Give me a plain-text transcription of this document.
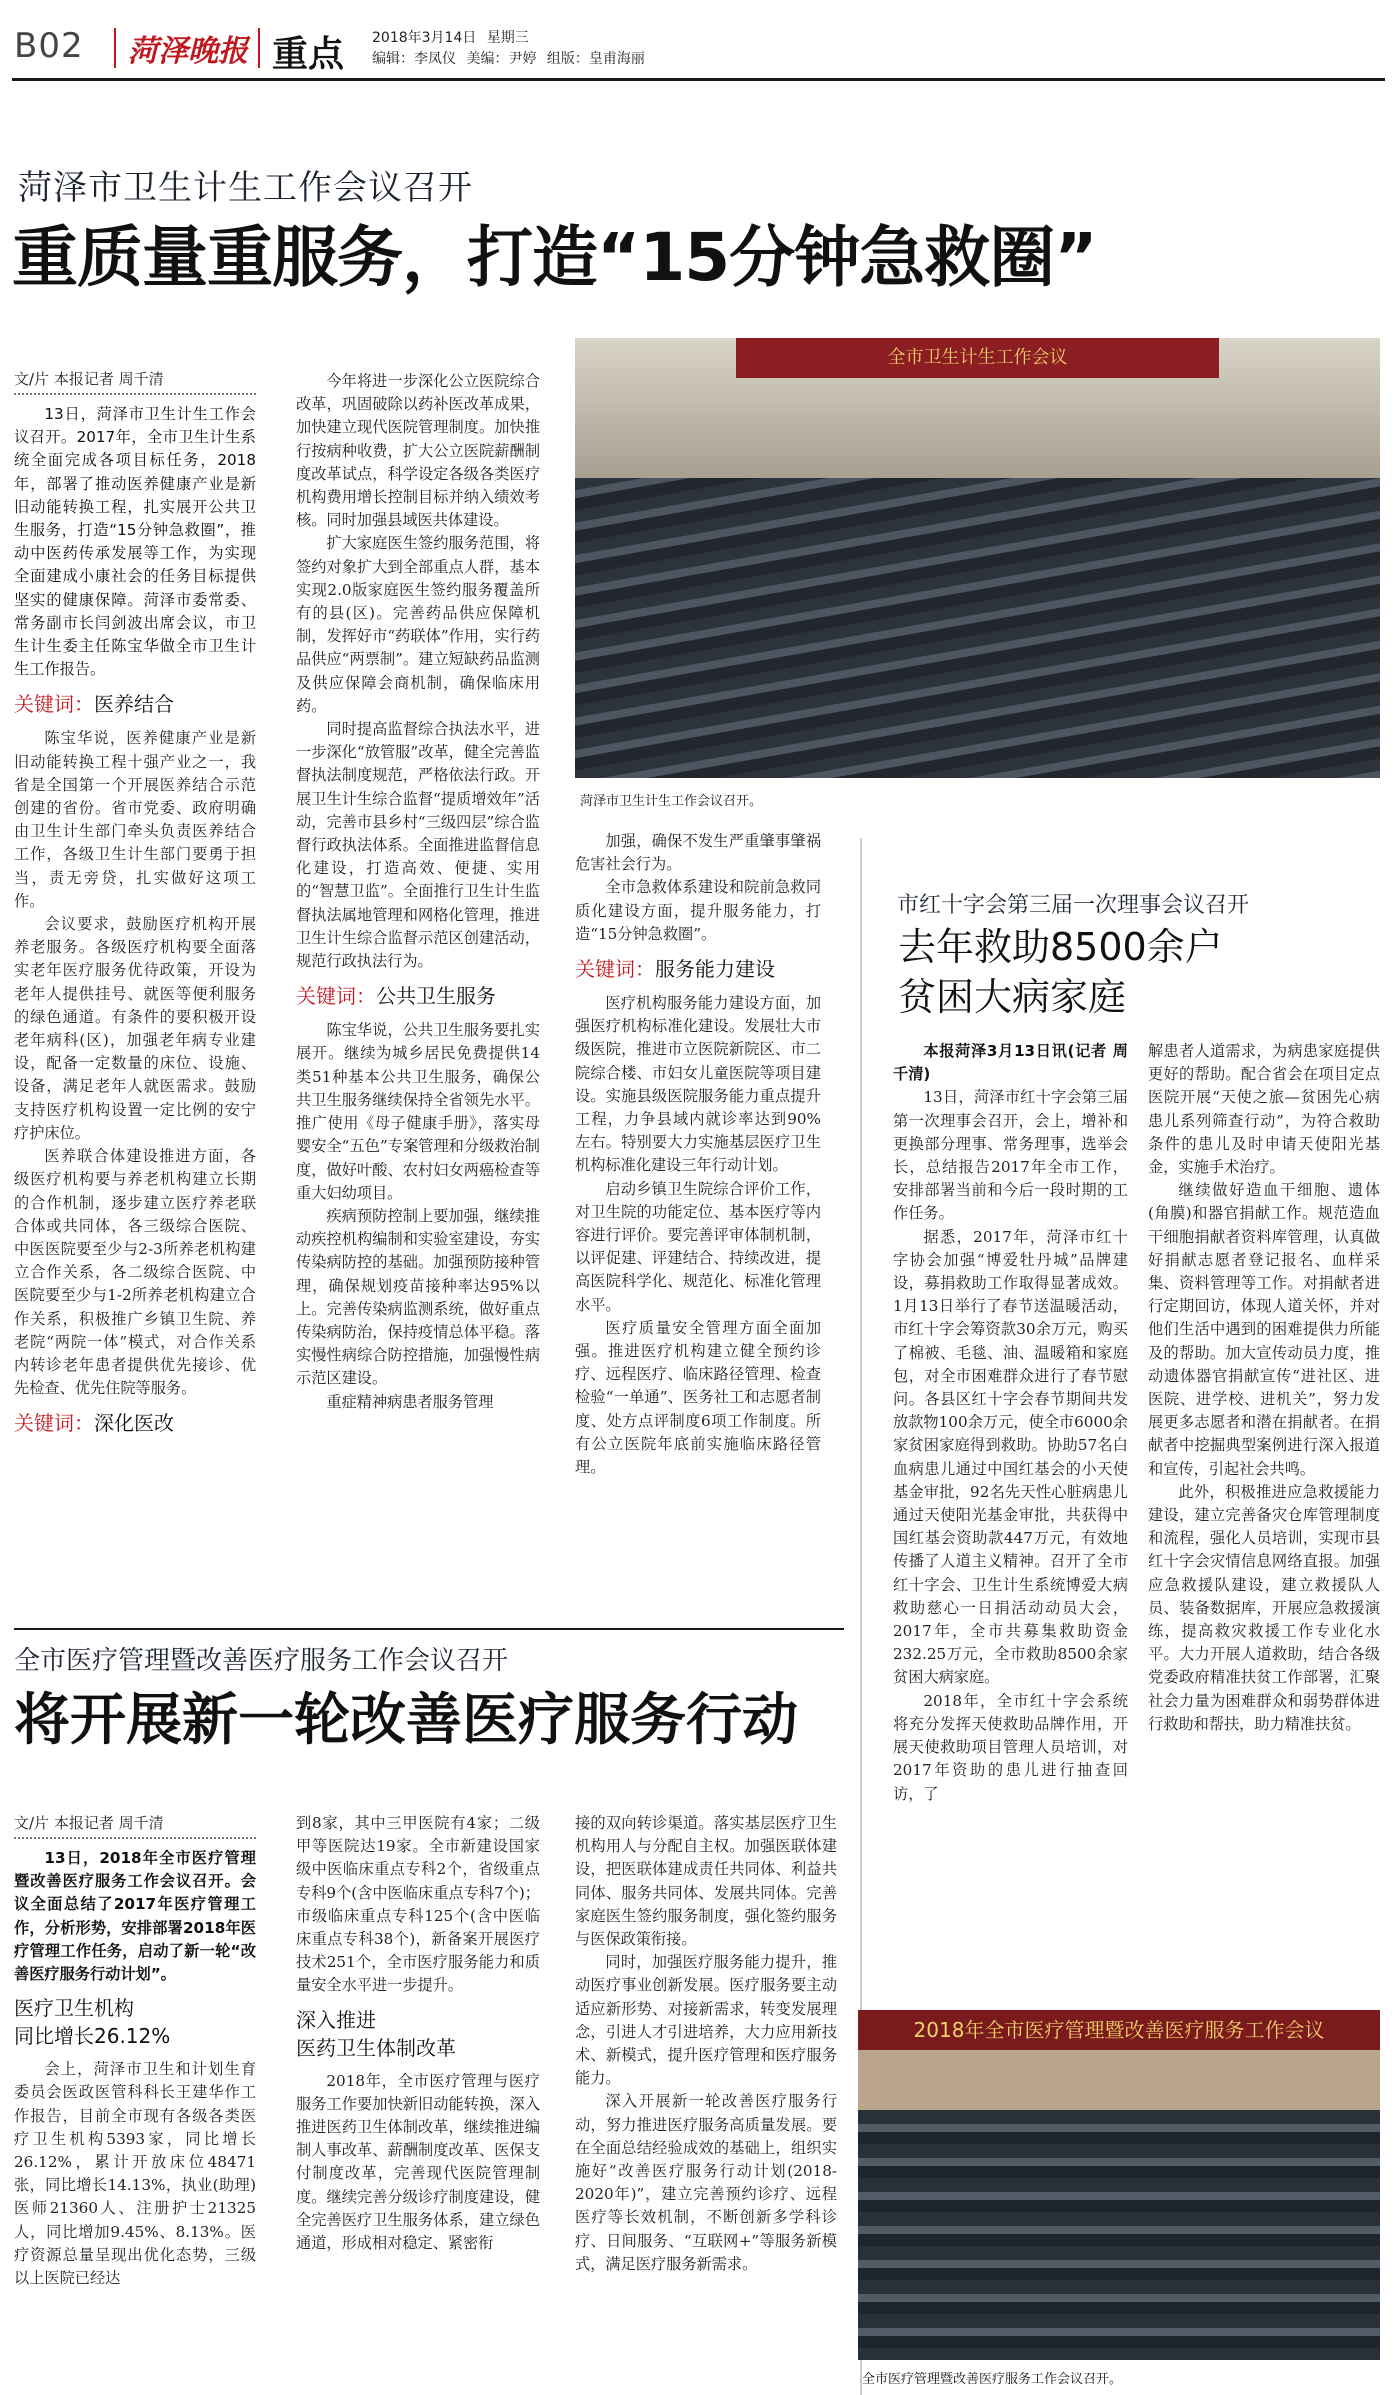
B02 菏泽晚报 重点 2018年3月14日 星期三
编辑：李凤仪 美编：尹婷 组版：皇甫海丽
菏泽市卫生计生工作会议召开
重质量重服务，打造“15分钟急救圈”
文/片 本报记者 周千清

13日，菏泽市卫生计生工作会议召开。2017年，全市卫生计生系统全面完成各项目标任务，2018年，部署了推动医养健康产业是新旧动能转换工程，扎实展开公共卫生服务，打造“15分钟急救圈”，推动中医药传承发展等工作，为实现全面建成小康社会的任务目标提供坚实的健康保障。菏泽市委常委、常务副市长闫剑波出席会议，市卫生计生委主任陈宝华做全市卫生计生工作报告。

关键词：医养结合

陈宝华说，医养健康产业是新旧动能转换工程十强产业之一，我省是全国第一个开展医养结合示范创建的省份。省市党委、政府明确由卫生计生部门牵头负责医养结合工作，各级卫生计生部门要勇于担当，责无旁贷，扎实做好这项工作。

会议要求，鼓励医疗机构开展养老服务。各级医疗机构要全面落实老年医疗服务优待政策，开设为老年人提供挂号、就医等便利服务的绿色通道。有条件的要积极开设老年病科(区)，加强老年病专业建设，配备一定数量的床位、设施、设备，满足老年人就医需求。鼓励支持医疗机构设置一定比例的安宁疗护床位。

医养联合体建设推进方面，各级医疗机构要与养老机构建立长期的合作机制，逐步建立医疗养老联合体或共同体，各三级综合医院、中医医院要至少与2-3所养老机构建立合作关系，各二级综合医院、中医院要至少与1-2所养老机构建立合作关系，积极推广乡镇卫生院、养老院“两院一体”模式，对合作关系内转诊老年患者提供优先接诊、优先检查、优先住院等服务。

关键词：深化医改

今年将进一步深化公立医院综合改革，巩固破除以药补医改革成果，加快建立现代医院管理制度。加快推行按病种收费，扩大公立医院薪酬制度改革试点，科学设定各级各类医疗机构费用增长控制目标并纳入绩效考核。同时加强县域医共体建设。

扩大家庭医生签约服务范围，将签约对象扩大到全部重点人群，基本实现2.0版家庭医生签约服务覆盖所有的县(区)。完善药品供应保障机制，发挥好市“药联体”作用，实行药品供应“两票制”。建立短缺药品监测及供应保障会商机制，确保临床用药。

同时提高监督综合执法水平，进一步深化“放管服”改革，健全完善监督执法制度规范，严格依法行政。开展卫生计生综合监督“提质增效年”活动，完善市县乡村“三级四层”综合监督行政执法体系。全面推进监督信息化建设，打造高效、便捷、实用的“智慧卫监”。全面推行卫生计生监督执法属地管理和网格化管理，推进卫生计生综合监督示范区创建活动，规范行政执法行为。

关键词：公共卫生服务

陈宝华说，公共卫生服务要扎实展开。继续为城乡居民免费提供14类51种基本公共卫生服务，确保公共卫生服务继续保持全省领先水平。推广使用《母子健康手册》，落实母婴安全“五色”专案管理和分级救治制度，做好叶酸、农村妇女两癌检查等重大妇幼项目。

疾病预防控制上要加强，继续推动疾控机构编制和实验室建设，夯实传染病防控的基础。加强预防接种管理，确保规划疫苗接种率达95%以上。完善传染病监测系统，做好重点传染病防治，保持疫情总体平稳。落实慢性病综合防控措施，加强慢性病示范区建设。

重症精神病患者服务管理

全市卫生计生工作会议
菏泽市卫生计生工作会议召开。

加强，确保不发生严重肇事肇祸危害社会行为。

全市急救体系建设和院前急救同质化建设方面，提升服务能力，打造“15分钟急救圈”。

关键词：服务能力建设

医疗机构服务能力建设方面，加强医疗机构标准化建设。发展壮大市级医院，推进市立医院新院区、市二院综合楼、市妇女儿童医院等项目建设。实施县级医院服务能力重点提升工程，力争县域内就诊率达到90%左右。特别要大力实施基层医疗卫生机构标准化建设三年行动计划。

启动乡镇卫生院综合评价工作，对卫生院的功能定位、基本医疗等内容进行评价。要完善评审体制机制，以评促建、评建结合、持续改进，提高医院科学化、规范化、标准化管理水平。

医疗质量安全管理方面全面加强。推进医疗机构建立健全预约诊疗、远程医疗、临床路径管理、检查检验“一单通”、医务社工和志愿者制度、处方点评制度6项工作制度。所有公立医院年底前实施临床路径管理。

市红十字会第三届一次理事会议召开
去年救助8500余户
贫困大病家庭

本报菏泽3月13日讯(记者 周千清)

13日，菏泽市红十字会第三届第一次理事会召开，会上，增补和更换部分理事、常务理事，选举会长，总结报告2017年全市工作，安排部署当前和今后一段时期的工作任务。

据悉，2017年，菏泽市红十字协会加强“博爱牡丹城”品牌建设，募捐救助工作取得显著成效。1月13日举行了春节送温暖活动，市红十字会筹资款30余万元，购买了棉被、毛毯、油、温暖箱和家庭包，对全市困难群众进行了春节慰问。各县区红十字会春节期间共发放款物100余万元，使全市6000余家贫困家庭得到救助。协助57名白血病患儿通过中国红基会的小天使基金审批，92名先天性心脏病患儿通过天使阳光基金审批，共获得中国红基会资助款447万元，有效地传播了人道主义精神。召开了全市红十字会、卫生计生系统博爱大病救助慈心一日捐活动动员大会，2017年，全市共募集救助资金232.25万元，全市救助8500余家贫困大病家庭。

2018年，全市红十字会系统将充分发挥天使救助品牌作用，开展天使救助项目管理人员培训，对2017年资助的患儿进行抽查回访，了

解患者人道需求，为病患家庭提供更好的帮助。配合省会在项目定点医院开展“天使之旅—贫困先心病患儿系列筛查行动”，为符合救助条件的患儿及时申请天使阳光基金，实施手术治疗。

继续做好造血干细胞、遗体(角膜)和器官捐献工作。规范造血干细胞捐献者资料库管理，认真做好捐献志愿者登记报名、血样采集、资料管理等工作。对捐献者进行定期回访，体现人道关怀，并对他们生活中遇到的困难提供力所能及的帮助。加大宣传动员力度，推动遗体器官捐献宣传“进社区、进医院、进学校、进机关”，努力发展更多志愿者和潜在捐献者。在捐献者中挖掘典型案例进行深入报道和宣传，引起社会共鸣。

此外，积极推进应急救援能力建设，建立完善备灾仓库管理制度和流程，强化人员培训，实现市县红十字会灾情信息网络直报。加强应急救援队建设，建立救援队人员、装备数据库，开展应急救援演练，提高救灾救援工作专业化水平。大力开展人道救助，结合各级党委政府精准扶贫工作部署，汇聚社会力量为困难群众和弱势群体进行救助和帮扶，助力精准扶贫。

全市医疗管理暨改善医疗服务工作会议召开
将开展新一轮改善医疗服务行动
文/片 本报记者 周千清

13日，2018年全市医疗管理暨改善医疗服务工作会议召开。会议全面总结了2017年医疗管理工作，分析形势，安排部署2018年医疗管理工作任务，启动了新一轮“改善医疗服务行动计划”。

医疗卫生机构
同比增长26.12%

会上，菏泽市卫生和计划生育委员会医政医管科科长王建华作工作报告，目前全市现有各级各类医疗卫生机构5393家，同比增长26.12%，累计开放床位48471张，同比增长14.13%，执业(助理)医师21360人、注册护士21325人，同比增加9.45%、8.13%。医疗资源总量呈现出优化态势，三级以上医院已经达

到8家，其中三甲医院有4家；二级甲等医院达19家。全市新建设国家级中医临床重点专科2个，省级重点专科9个(含中医临床重点专科7个)；市级临床重点专科125个(含中医临床重点专科38个)，新备案开展医疗技术251个，全市医疗服务能力和质量安全水平进一步提升。

深入推进
医药卫生体制改革

2018年，全市医疗管理与医疗服务工作要加快新旧动能转换，深入推进医药卫生体制改革，继续推进编制人事改革、薪酬制度改革、医保支付制度改革，完善现代医院管理制度。继续完善分级诊疗制度建设，健全完善医疗卫生服务体系，建立绿色通道，形成相对稳定、紧密衔

接的双向转诊渠道。落实基层医疗卫生机构用人与分配自主权。加强医联体建设，把医联体建成责任共同体、利益共同体、服务共同体、发展共同体。完善家庭医生签约服务制度，强化签约服务与医保政策衔接。

同时，加强医疗服务能力提升，推动医疗事业创新发展。医疗服务要主动适应新形势、对接新需求，转变发展理念，引进人才引进培养，大力应用新技术、新模式，提升医疗管理和医疗服务能力。

深入开展新一轮改善医疗服务行动，努力推进医疗服务高质量发展。要在全面总结经验成效的基础上，组织实施好“改善医疗服务行动计划(2018-2020年)”，建立完善预约诊疗、远程医疗等长效机制，不断创新多学科诊疗、日间服务、“互联网+”等服务新模式，满足医疗服务新需求。

2018年全市医疗管理暨改善医疗服务工作会议
全市医疗管理暨改善医疗服务工作会议召开。
